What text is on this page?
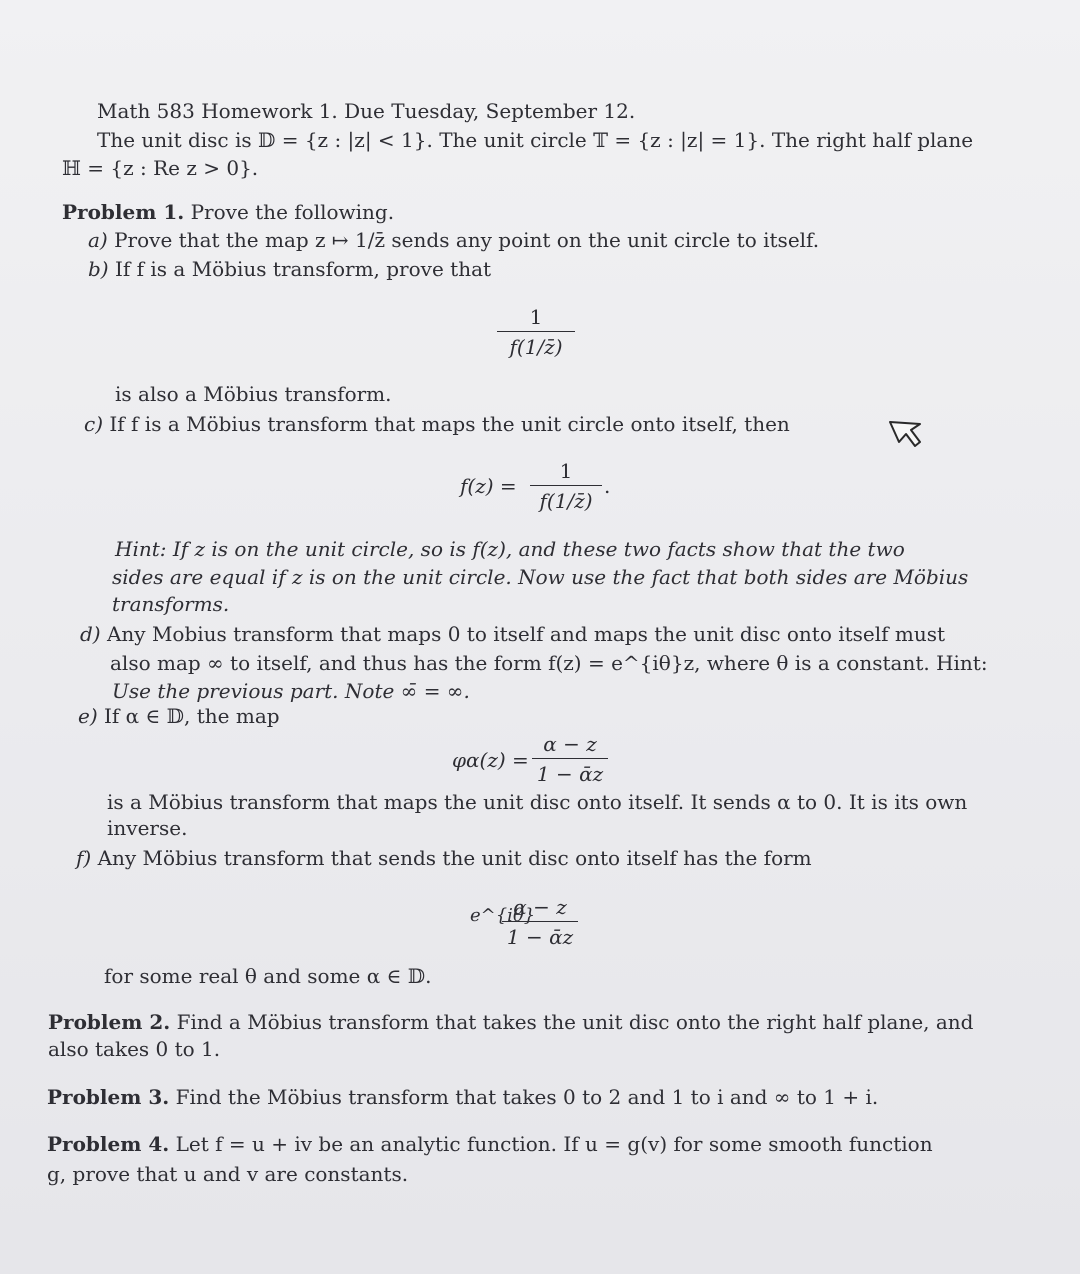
Math 583 Homework 1. Due Tuesday, September 12.
The unit disc is 𝔻 = {z : |z| < 1}. The unit circle 𝕋 = {z : |z| = 1}. The right half plane
ℍ = {z : Re z > 0}.
Problem 1. Prove the following.
a) Prove that the map z ↦ 1/z̄ sends any point on the unit circle to itself.
b) If f is a Möbius transform, prove that
1
f(1/z̄)
is also a Möbius transform.
c) If f is a Möbius transform that maps the unit circle onto itself, then
f(z) =
1
f(1/z̄)
.
Hint: If z is on the unit circle, so is f(z), and these two facts show that the two
sides are equal if z is on the unit circle. Now use the fact that both sides are Möbius
transforms.
d) Any Mobius transform that maps 0 to itself and maps the unit disc onto itself must
also map ∞ to itself, and thus has the form f(z) = e^{iθ}z, where θ is a constant. Hint:
Use the previous part. Note ∞̄ = ∞.
e) If α ∈ 𝔻, the map
φα(z) =
α − z
1 − ᾱz
is a Möbius transform that maps the unit disc onto itself. It sends α to 0. It is its own
inverse.
f) Any Möbius transform that sends the unit disc onto itself has the form
e^{iθ}
α − z
1 − ᾱz
for some real θ and some α ∈ 𝔻.
Problem 2. Find a Möbius transform that takes the unit disc onto the right half plane, and
also takes 0 to 1.
Problem 3. Find the Möbius transform that takes 0 to 2 and 1 to i and ∞ to 1 + i.
Problem 4. Let f = u + iv be an analytic function. If u = g(v) for some smooth function
g, prove that u and v are constants.
